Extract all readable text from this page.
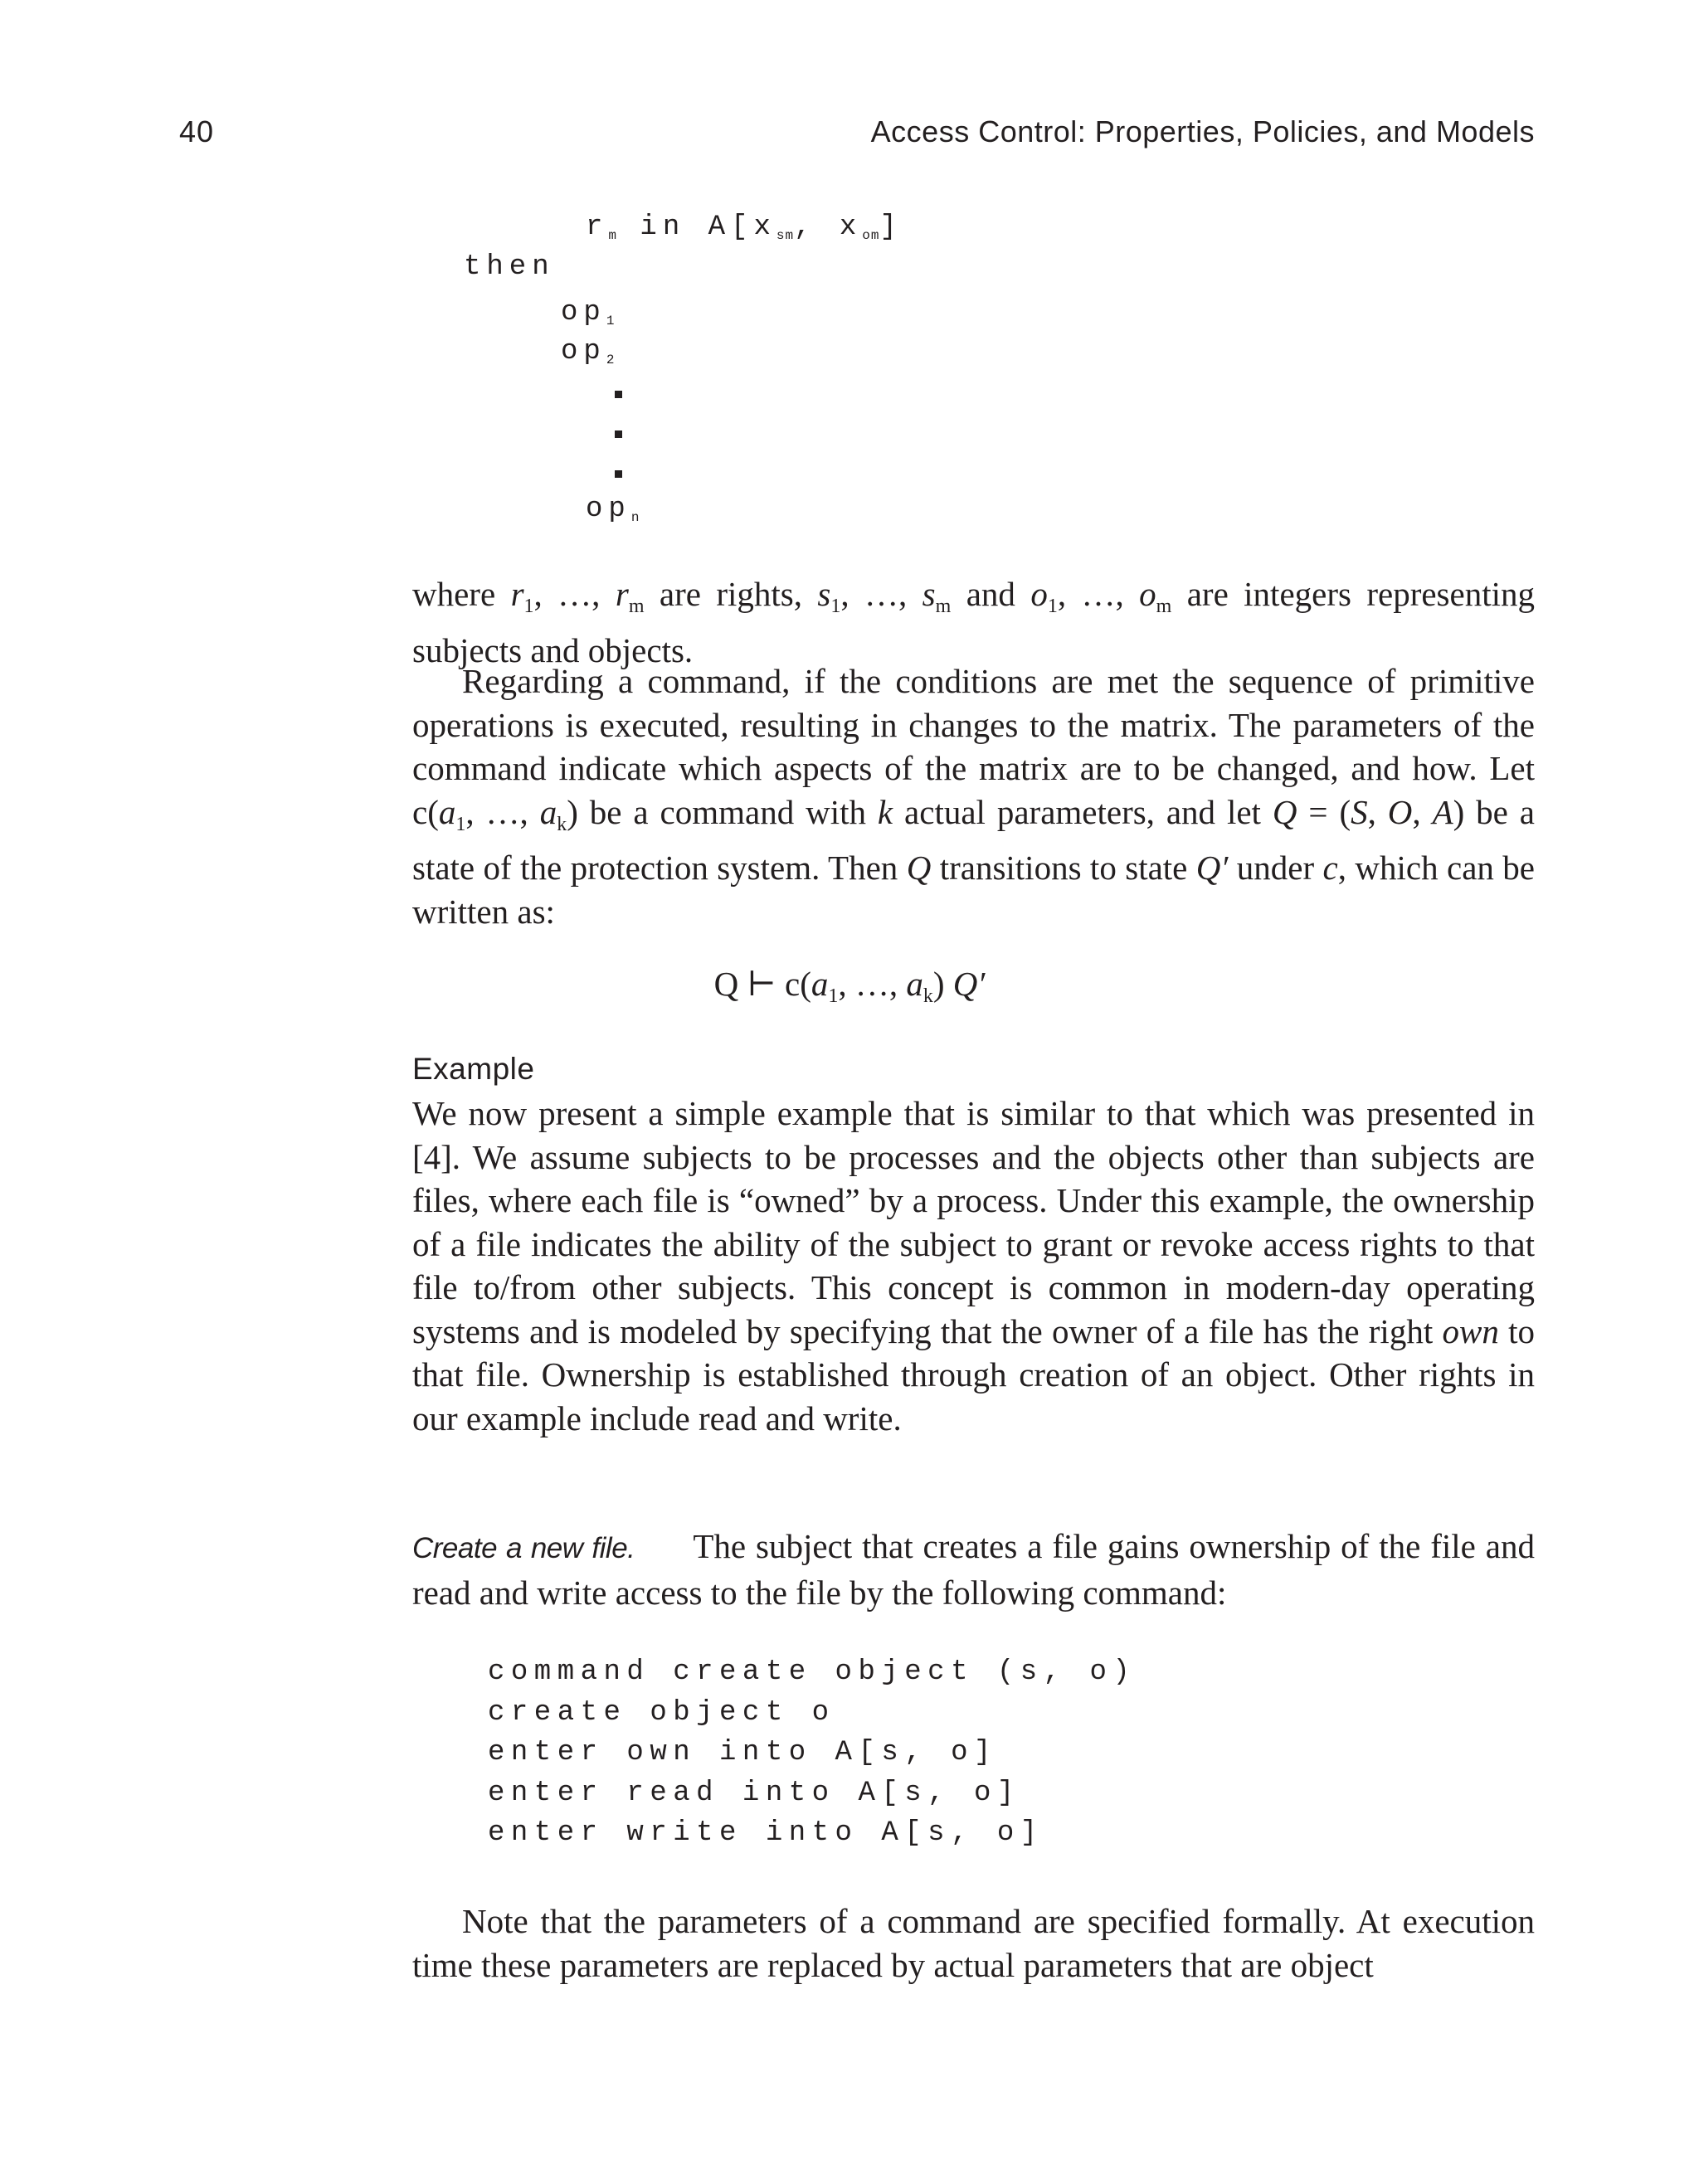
40	Access Control: Properties, Policies, and Models
$r_m$ in $A[x_{sm}$, $x_{om}$]
then
$op_1$
$op_2$
$op_n$

where $r_1$, …, $r_m$ are rights, $s_1$, …, $s_m$ and $o_1$, …, $o_m$ are integers representing subjects and objects.

Regarding a command, if the conditions are met the sequence of primitive operations is executed, resulting in changes to the matrix. The parameters of the command indicate which aspects of the matrix are to be changed, and how. Let $c(a_1$, …, $a_k$) be a command with k actual parameters, and let Q = (S, O, A) be a state of the protection system. Then Q transitions to state Q′ under c, which can be written as:

Q ⊢ $c(a_1$, …, $a_k$) Q′
Example

We now present a simple example that is similar to that which was presented in [4]. We assume subjects to be processes and the objects other than subjects are files, where each file is “owned” by a process. Under this example, the ownership of a file indicates the ability of the subject to grant or revoke access rights to that file to/from other subjects. This concept is common in modern-day operating systems and is modeled by specifying that the owner of a file has the right own to that file. Ownership is established through creation of an object. Other rights in our example include read and write.

Create a new file. The subject that creates a file gains ownership of the file and read and write access to the file by the following command:

command create object (s, o)
create object o
enter own into A[s, o]
enter read into A[s, o]
enter write into A[s, o]

Note that the parameters of a command are specified formally. At execution time these parameters are replaced by actual parameters that are object
